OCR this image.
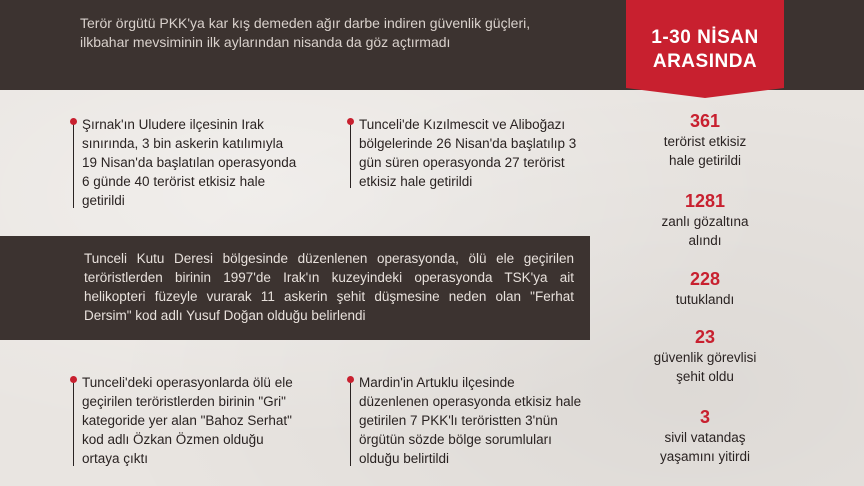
Terör örgütü PKK'ya kar kış demeden ağır darbe indiren güvenlik güçleri, ilkbahar mevsiminin ilk aylarından nisanda da göz açtırmadı	1-30 NİSAN
ARASINDA
Şırnak'ın Uludere ilçesinin Irak sınırında, 3 bin askerin katılımıyla 19 Nisan'da başlatılan operasyonda 6 günde 40 terörist etkisiz hale getirildi
Tunceli'de Kızılmescit ve Aliboğazı bölgelerinde 26 Nisan'da başlatılıp 3 gün süren operasyonda 27 terörist etkisiz hale getirildi
Tunceli Kutu Deresi bölgesinde düzenlenen operasyonda, ölü ele geçirilen teröristlerden birinin 1997'de Irak'ın kuzeyindeki operasyonda TSK'ya ait helikopteri füzeyle vurarak 11 askerin şehit düşmesine neden olan "Ferhat Dersim" kod adlı Yusuf Doğan olduğu belirlendi
Tunceli'deki operasyonlarda ölü ele geçirilen teröristlerden birinin "Gri" kategoride yer alan "Bahoz Serhat" kod adlı Özkan Özmen olduğu ortaya çıktı
Mardin'in Artuklu ilçesinde düzenlenen operasyonda etkisiz hale getirilen 7 PKK'lı teröristten 3'nün örgütün sözde bölge sorumluları olduğu belirtildi
361
terörist etkisiz hale getirildi
1281
zanlı gözaltına alındı
228
tutuklandı
23
güvenlik görevlisi şehit oldu
3
sivil vatandaş yaşamını yitirdi
